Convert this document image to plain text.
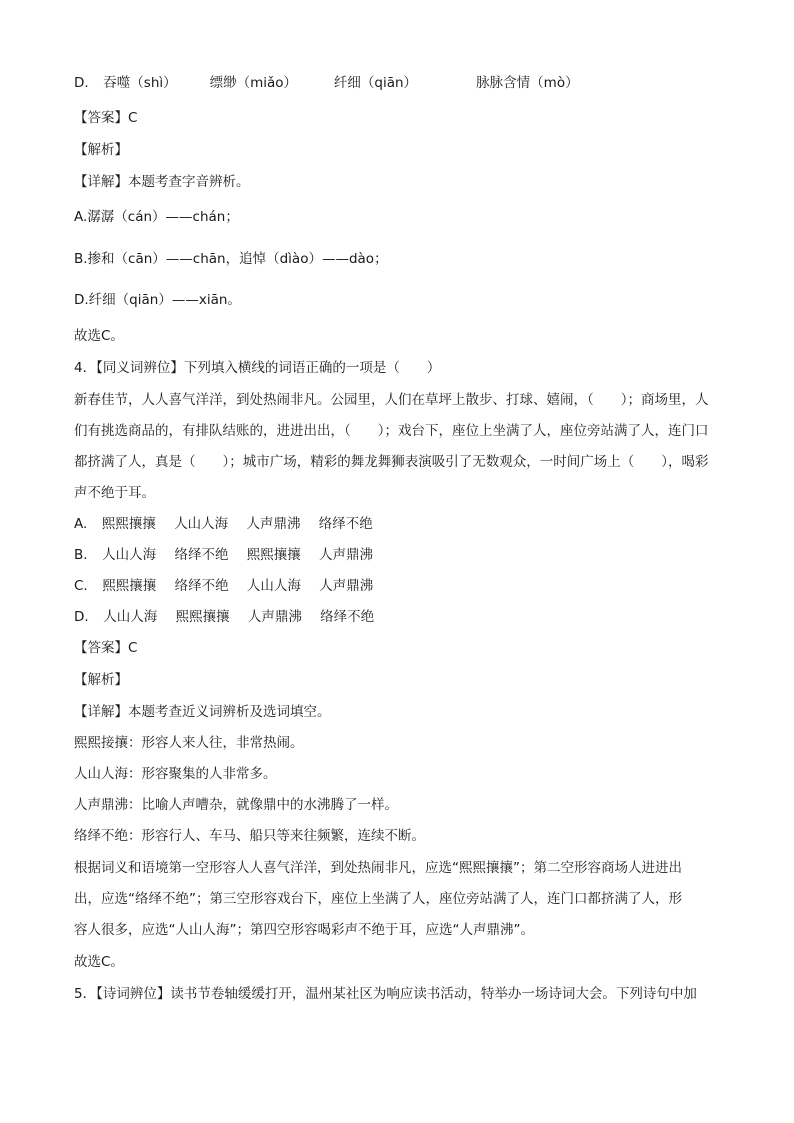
D. 吞噬（shì） 缥缈（miǎo）	纤细（qiān）	脉脉含情（mò）
【答案】C
【解析】
【详解】本题考查字音辨析。
A.潺潺（cán）——chán；
B.掺和（cān）——chān，追悼（dìào）——dào；
D.纤细（qiān）——xiān。
故选C。
4．【同义词辨位】下列填入横线的词语正确的一项是（　　）
新春佳节，人人喜气洋洋，到处热闹非凡。公园里，人们在草坪上散步、打球、嬉闹，（　　）；商场里，人
们有挑选商品的，有排队结账的，进进出出，（　　）；戏台下，座位上坐满了人，座位旁站满了人，连门口
都挤满了人，真是（　　）；城市广场，精彩的舞龙舞狮表演吸引了无数观众，一时间广场上（　　），喝彩
声不绝于耳。
A. 熙熙攘攘 人山人海 人声鼎沸 络绎不绝
B. 人山人海 络绎不绝 熙熙攘攘 人声鼎沸
C. 熙熙攘攘 络绎不绝 人山人海 人声鼎沸
D. 人山人海 熙熙攘攘 人声鼎沸 络绎不绝
【答案】C
【解析】
【详解】本题考查近义词辨析及选词填空。
熙熙接攘：形容人来人往，非常热闹。
人山人海：形容聚集的人非常多。
人声鼎沸：比喻人声嘈杂，就像鼎中的水沸腾了一样。
络绎不绝：形容行人、车马、船只等来往频繁，连续不断。
根据词义和语境第一空形容人人喜气洋洋，到处热闹非凡，应选“熙熙攘攘”；第二空形容商场人进进出
出，应选“络绎不绝”；第三空形容戏台下，座位上坐满了人，座位旁站满了人，连门口都挤满了人，形
容人很多，应选“人山人海”；第四空形容喝彩声不绝于耳，应选“人声鼎沸”。
故选C。
5．【诗词辨位】读书节卷轴缓缓打开，温州某社区为响应读书活动，特举办一场诗词大会。下列诗句中加
